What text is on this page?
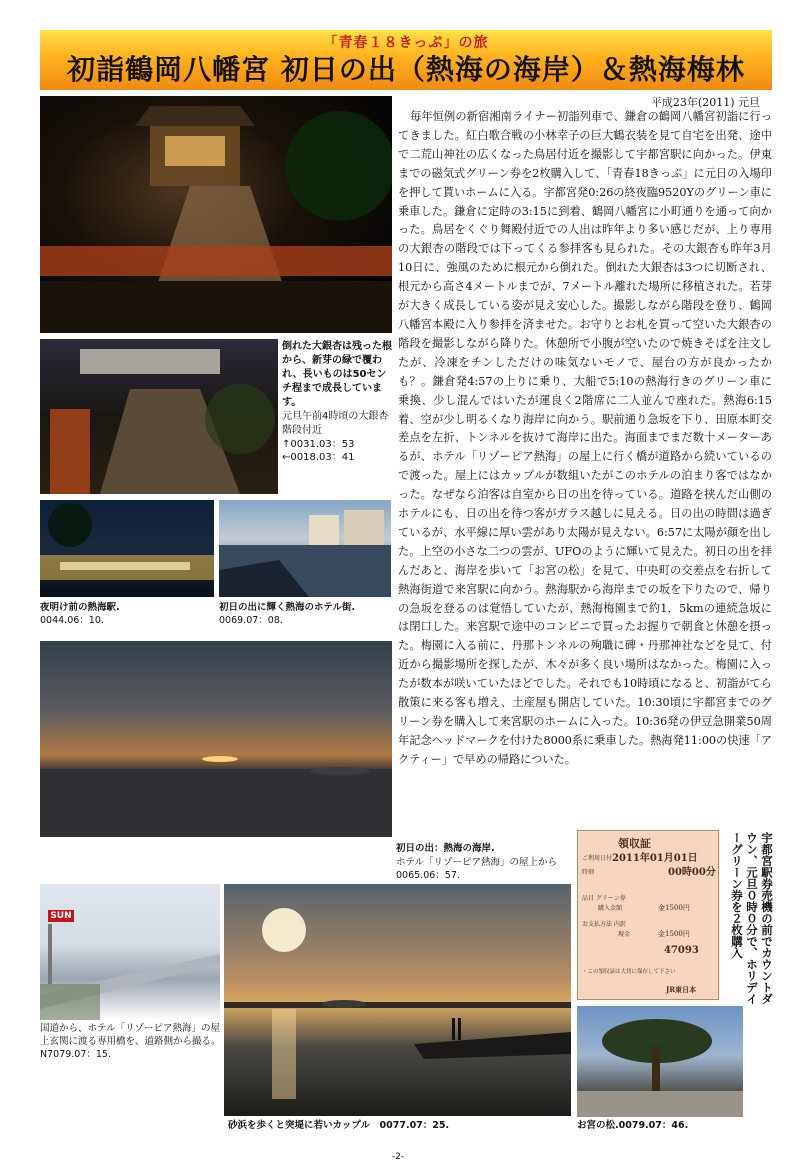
「青春１８きっぷ」の旅
初詣鶴岡八幡宮 初日の出（熱海の海岸）＆熱海梅林
平成23年(2011) 元旦
倒れた大銀杏は残った根から、新芽の緑で覆われ、長いものは50センチ程まで成長しています。
元旦午前4時頃の大銀杏階段付近
↑0031.03：53
←0018.03：41
夜明け前の熱海駅.
0044.06：10.
初日の出に輝く熱海のホテル街.
0069.07：08.
初日の出：熱海の海岸.
ホテル「リゾーピア熱海」の屋上から
0065.06：57.
領収証
ご利用日付 2011年01月01日
時刻	00時00分
品目 グリーン券
購入金額	金1500円
お支払方法 内訳
現金	金1500円
47093
・この領収証は大切に保存して下さい
JR東日本	宇都宮駅券売機の前でカウントダウン、元旦０時０分で、ホリデイーグリーン券を２枚購入
SUN
国道から、ホテル「リゾーピア熱海」の屋上玄関に渡る専用橋を、道路側から撮る。N7079.07：15.
砂浜を歩くと突堤に若いカップル　0077.07：25.	お宮の松.0079.07：46.
毎年恒例の新宿湘南ライナー初詣列車で、鎌倉の鶴岡八幡宮初詣に行ってきました。紅白歌合戦の小林幸子の巨大鶴衣装を見て自宅を出発、途中で二荒山神社の広くなった鳥居付近を撮影して宇都宮駅に向かった。伊東までの磁気式グリーン券を2枚購入して、「青春18きっぷ」に元日の入場印を押して貰いホームに入る。宇都宮発0:26の終夜臨9520Yのグリーン車に乗車した。鎌倉に定時の3:15に到着、鶴岡八幡宮に小町通りを通って向かった。鳥居をくぐり舞殿付近での人出は昨年より多い感じだが、上り専用の大銀杏の階段では下ってくる参拝客も見られた。その大銀杏も昨年3月10日に、強風のために根元から倒れた。倒れた大銀杏は3つに切断され、根元から高さ4メートルまでが、7メートル離れた場所に移植された。若芽が大きく成長している姿が見え安心した。撮影しながら階段を登り、鶴岡八幡宮本殿に入り参拝を済ませた。お守りとお札を買って空いた大銀杏の階段を撮影しながら降りた。休憩所で小腹が空いたので焼きそばを注文したが、冷凍をチンしただけの味気ないモノで、屋台の方が良かったかも？。鎌倉発4:57の上りに乗り、大船で5:10の熱海行きのグリーン車に乗換、少し混んではいたが運良く2階席に二人並んで座れた。熱海6:15着、空が少し明るくなり海岸に向かう。駅前通り急坂を下り、田原本町交差点を左折、トンネルを抜けて海岸に出た。海面までまだ数十メーターあるが、ホテル「リゾーピア熱海」の屋上に行く橋が道路から続いているので渡った。屋上にはカップルが数組いたがこのホテルの泊まり客ではなかった。なぜなら泊客は自室から日の出を待っている。道路を挟んだ山側のホテルにも、日の出を待つ客がガラス越しに見える。日の出の時間は過ぎているが、水平線に厚い雲があり太陽が見えない。6:57に太陽が顔を出した。上空の小さな二つの雲が、UFOのように輝いて見えた。初日の出を拝んだあと、海岸を歩いて「お宮の松」を見て、中央町の交差点を右折して熱海街道で来宮駅に向かう。熱海駅から海岸までの坂を下りたので、帰りの急坂を登るのは覚悟していたが、熱海梅園まで約1．5kmの連続急坂には閉口した。来宮駅で途中のコンビニで買ったお握りで朝食と休憩を摂った。梅園に入る前に、丹那トンネルの殉職に碑・丹那神社などを見て、付近から撮影場所を探したが、木々が多く良い場所はなかった。梅園に入ったが数本が咲いていたほどでした。それでも10時頃になると、初詣がてら散策に来る客も増え、土産屋も開店していた。10:30頃に宇都宮までのグリーン券を購入して来宮駅のホームに入った。10:36発の伊豆急開業50周年記念ヘッドマークを付けた8000系に乗車した。熱海発11:00の快速「アクティー」で早めの帰路についた。
-2-
